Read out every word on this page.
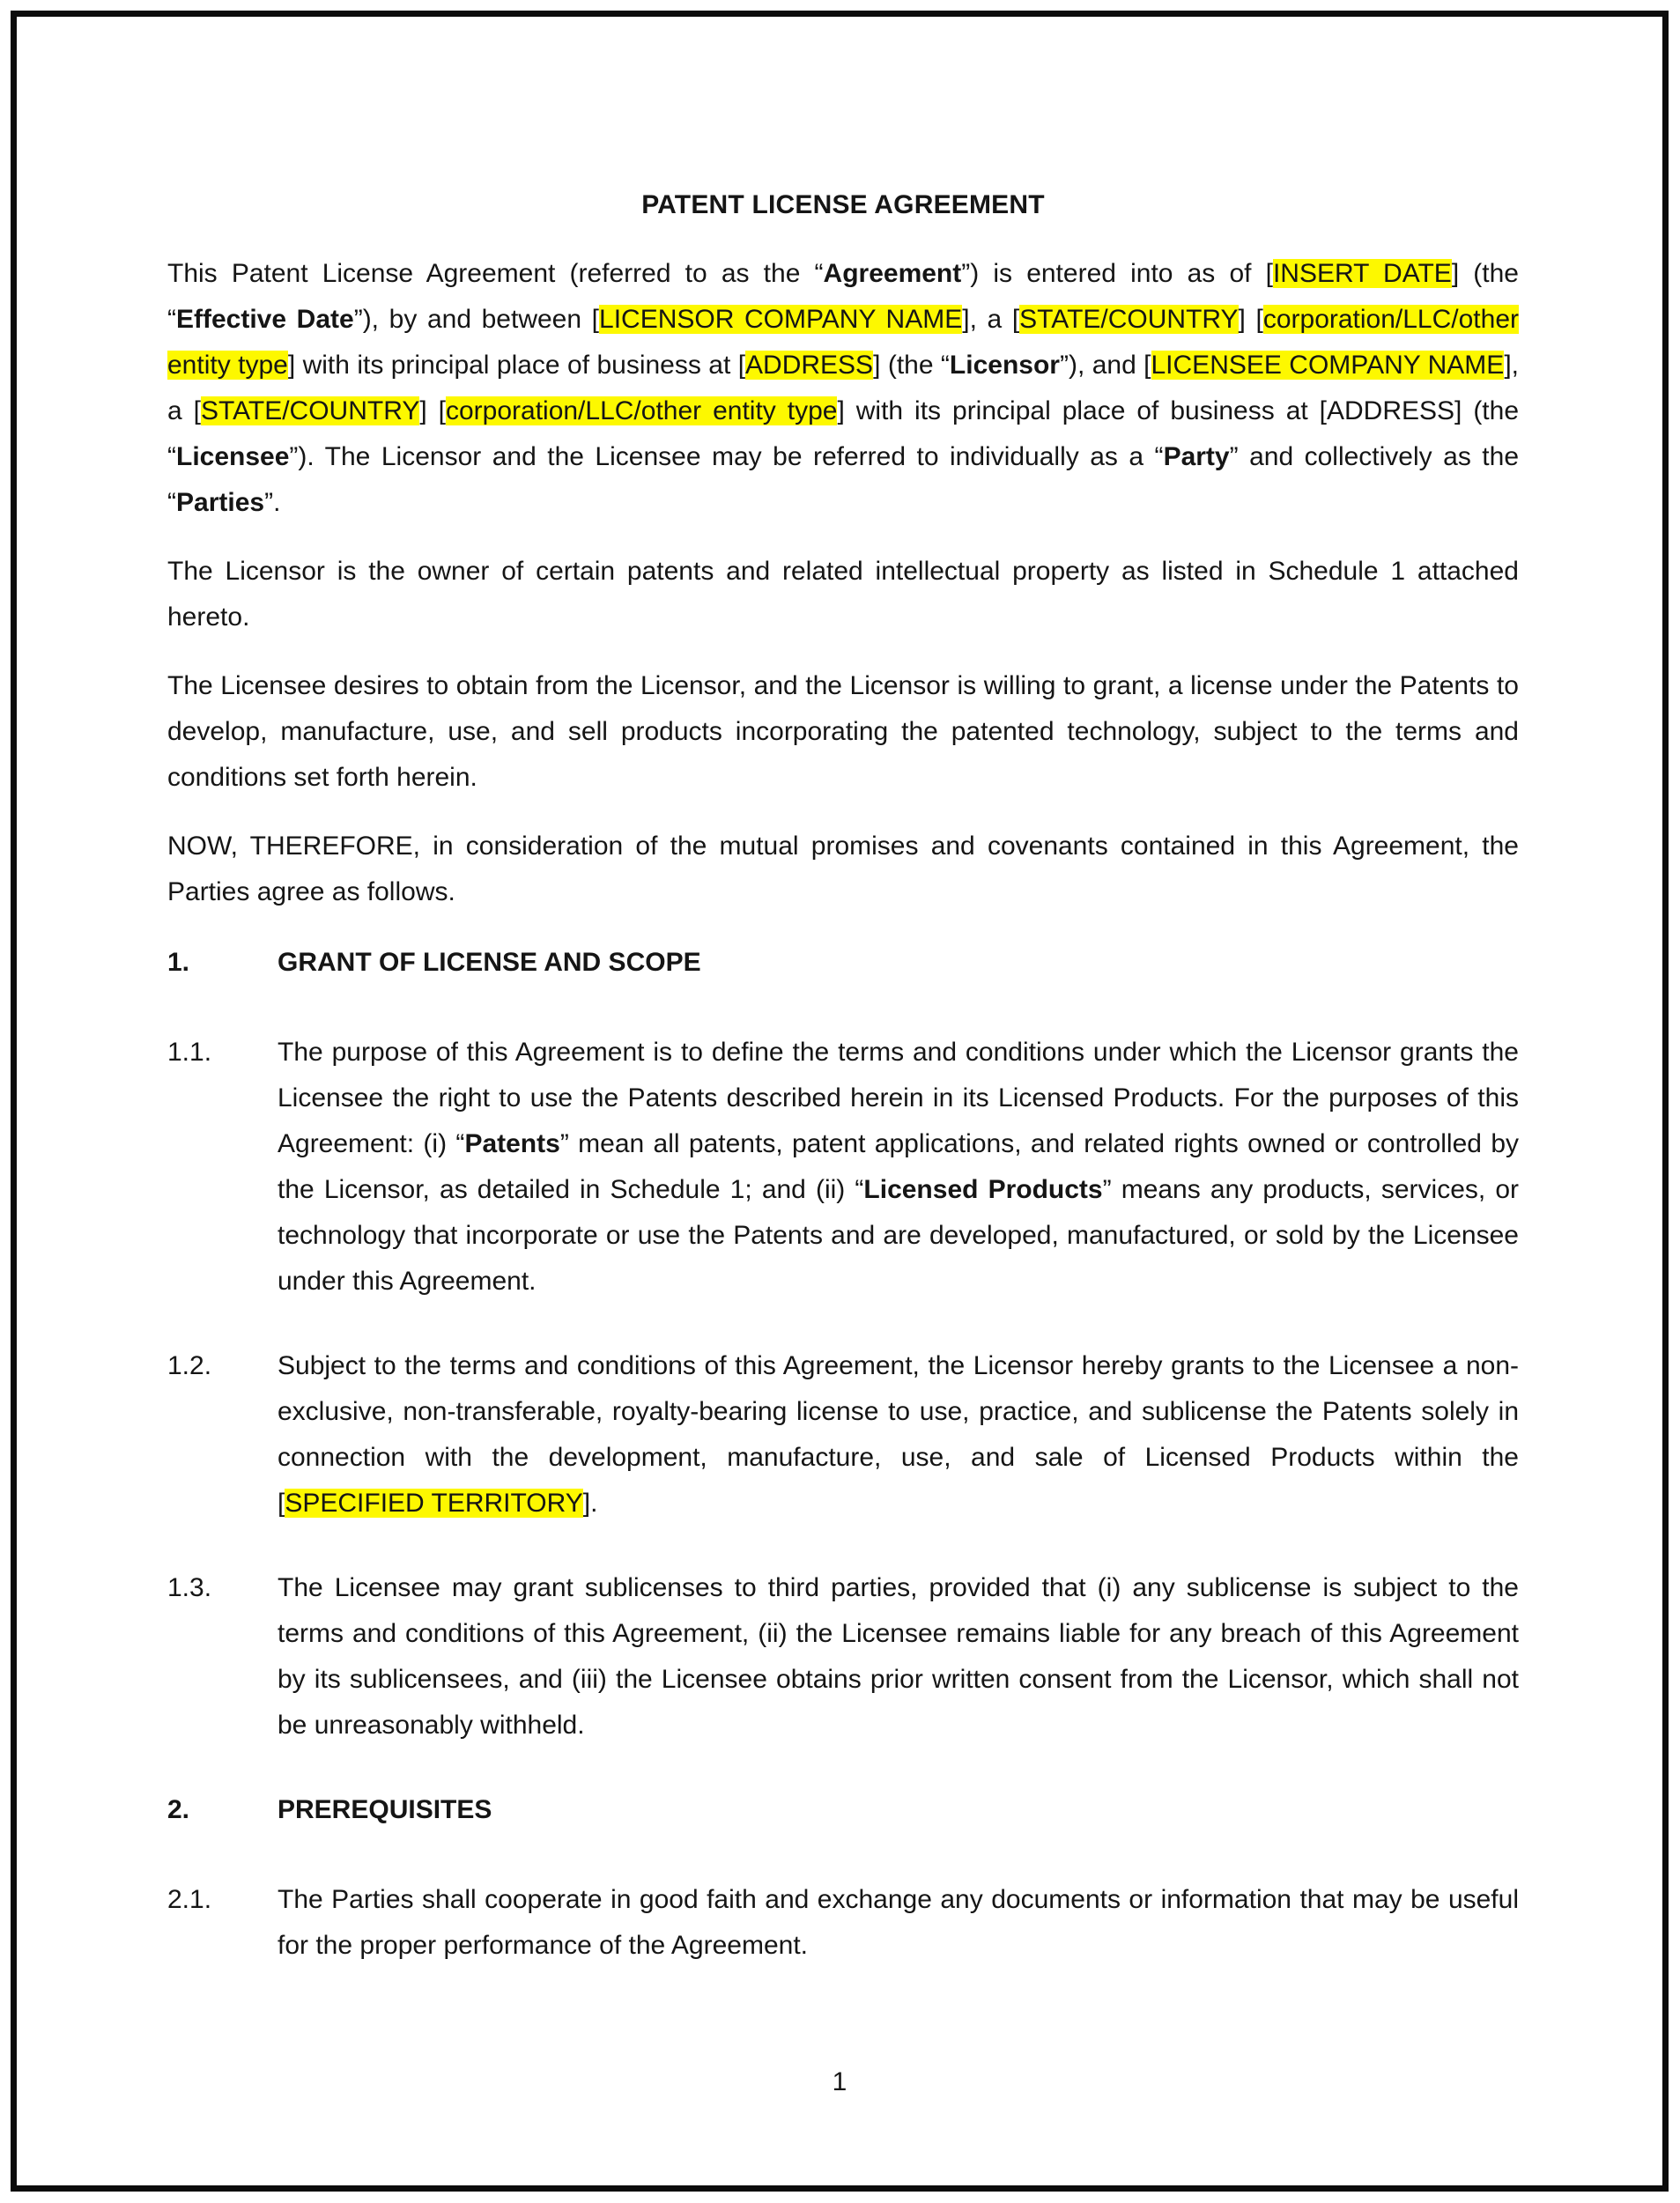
PATENT LICENSE AGREEMENT
This Patent License Agreement (referred to as the “Agreement”) is entered into as of [INSERT DATE] (the “Effective Date”), by and between [LICENSOR COMPANY NAME], a [STATE/COUNTRY] [corporation/LLC/other entity type] with its principal place of business at [ADDRESS] (the “Licensor”), and [LICENSEE COMPANY NAME], a [STATE/COUNTRY] [corporation/LLC/other entity type] with its principal place of business at [ADDRESS] (the “Licensee”). The Licensor and the Licensee may be referred to individually as a “Party” and collectively as the “Parties”.
The Licensor is the owner of certain patents and related intellectual property as listed in Schedule 1 attached hereto.
The Licensee desires to obtain from the Licensor, and the Licensor is willing to grant, a license under the Patents to develop, manufacture, use, and sell products incorporating the patented technology, subject to the terms and conditions set forth herein.
NOW, THEREFORE, in consideration of the mutual promises and covenants contained in this Agreement, the Parties agree as follows.
1.	GRANT OF LICENSE AND SCOPE
1.1.	The purpose of this Agreement is to define the terms and conditions under which the Licensor grants the Licensee the right to use the Patents described herein in its Licensed Products. For the purposes of this Agreement: (i) “Patents” mean all patents, patent applications, and related rights owned or controlled by the Licensor, as detailed in Schedule 1; and (ii) “Licensed Products” means any products, services, or technology that incorporate or use the Patents and are developed, manufactured, or sold by the Licensee under this Agreement.
1.2.	Subject to the terms and conditions of this Agreement, the Licensor hereby grants to the Licensee a non-exclusive, non-transferable, royalty-bearing license to use, practice, and sublicense the Patents solely in connection with the development, manufacture, use, and sale of Licensed Products within the [SPECIFIED TERRITORY].
1.3.	The Licensee may grant sublicenses to third parties, provided that (i) any sublicense is subject to the terms and conditions of this Agreement, (ii) the Licensee remains liable for any breach of this Agreement by its sublicensees, and (iii) the Licensee obtains prior written consent from the Licensor, which shall not be unreasonably withheld.
2.	PREREQUISITES
2.1.	The Parties shall cooperate in good faith and exchange any documents or information that may be useful for the proper performance of the Agreement.
1
